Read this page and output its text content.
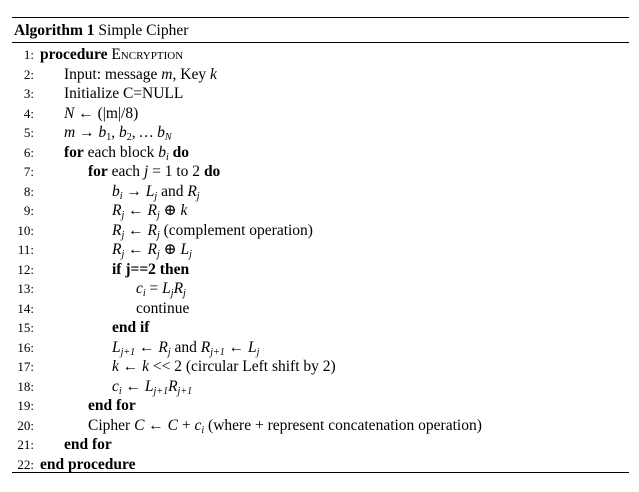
Algorithm 1 Simple Cipher
1: procedure Encryption
2: Input: message m, Key k
3: Initialize C=NULL
4: N ← (|m|/8)
5: m → b1, b2, … $b_N$
6: for each block $b_i$ do
7:	for each j = 1 to 2 do
8:	$b_i \to L_j$ and $R_j$
9:	$R_j$ ← $R_j$ ⊕ k
10:	$R_j$ ← $R_j$ (complement operation)
11:	$R_j$ ← $R_j$ ⊕ $L_j$
12:	if j==2 then
13:	$c_i = L_jR_j$
14:	continue
15:	end if
16:	$L_{j+1}$ ← $R_j$ and $R_{j+1}$ ← $L_j$
17:	k ← k << 2 (circular Left shift by 2)
18:	$c_i$ ← $L_{j+1}R_{j+1}$
19:	end for
20:	Cipher C ← $C + c_i$ (where + represent concatenation operation)
21: end for
22: end procedure
